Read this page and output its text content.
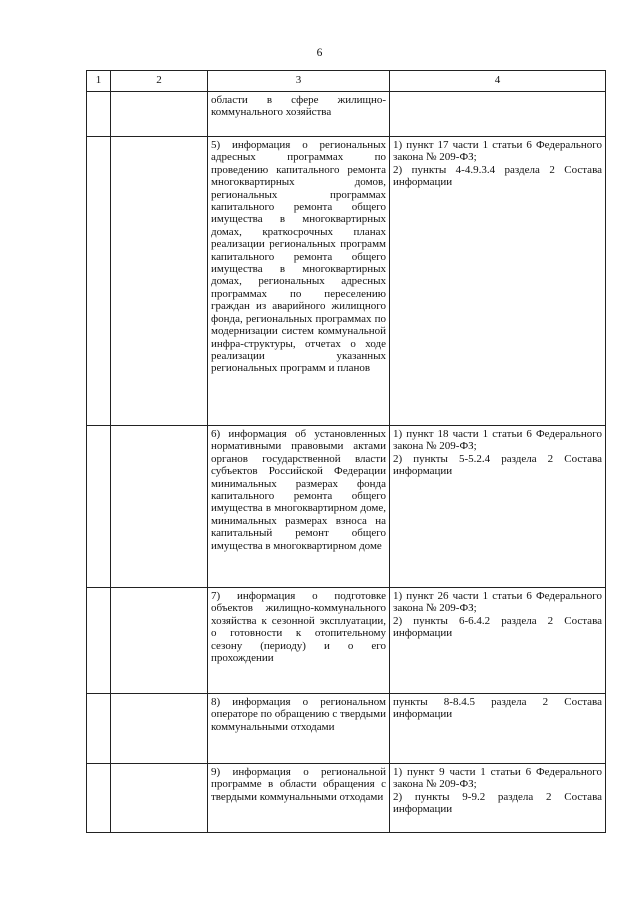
6
1	2	3	4

		области в сфере жилищно-коммунального хозяйства	

		5) информация о региональных адресных программах по проведению капитального ремонта многоквартирных домов, региональных программах капитального ремонта общего имущества в многоквартирных домах, краткосрочных планах реализации региональных программ капитального ремонта общего имущества в многоквартирных домах, региональных адресных программах по переселению граждан из аварийного жилищного фонда, региональных программах по модернизации систем коммунальной инфра-структуры, отчетах о ходе реализации указанных региональных программ и планов	1) пункт 17 части 1 статьи 6 Федерального закона № 209-ФЗ;
2) пункты 4-4.9.3.4 раздела 2 Состава информации

		6) информация об установленных нормативными правовыми актами органов государственной власти субъектов Российской Федерации минимальных размерах фонда капитального ремонта общего имущества в многоквартирном доме, минимальных размерах взноса на капитальный ремонт общего имущества в многоквартирном доме	1) пункт 18 части 1 статьи 6 Федерального закона № 209-ФЗ;
2) пункты 5-5.2.4 раздела 2 Состава информации

		7) информация о подготовке объектов жилищно-коммунального хозяйства к сезонной эксплуатации, о готовности к отопительному сезону (периоду) и о его прохождении	1) пункт 26 части 1 статьи 6 Федерального закона № 209-ФЗ;
2) пункты 6-6.4.2 раздела 2 Состава информации

		8) информация о региональном операторе по обращению с твердыми коммунальными отходами	пункты 8-8.4.5 раздела 2 Состава информации

		9) информация о региональной программе в области обращения с твердыми коммунальными отходами	1) пункт 9 части 1 статьи 6 Федерального закона № 209-ФЗ;
2) пункты 9-9.2 раздела 2 Состава информации
